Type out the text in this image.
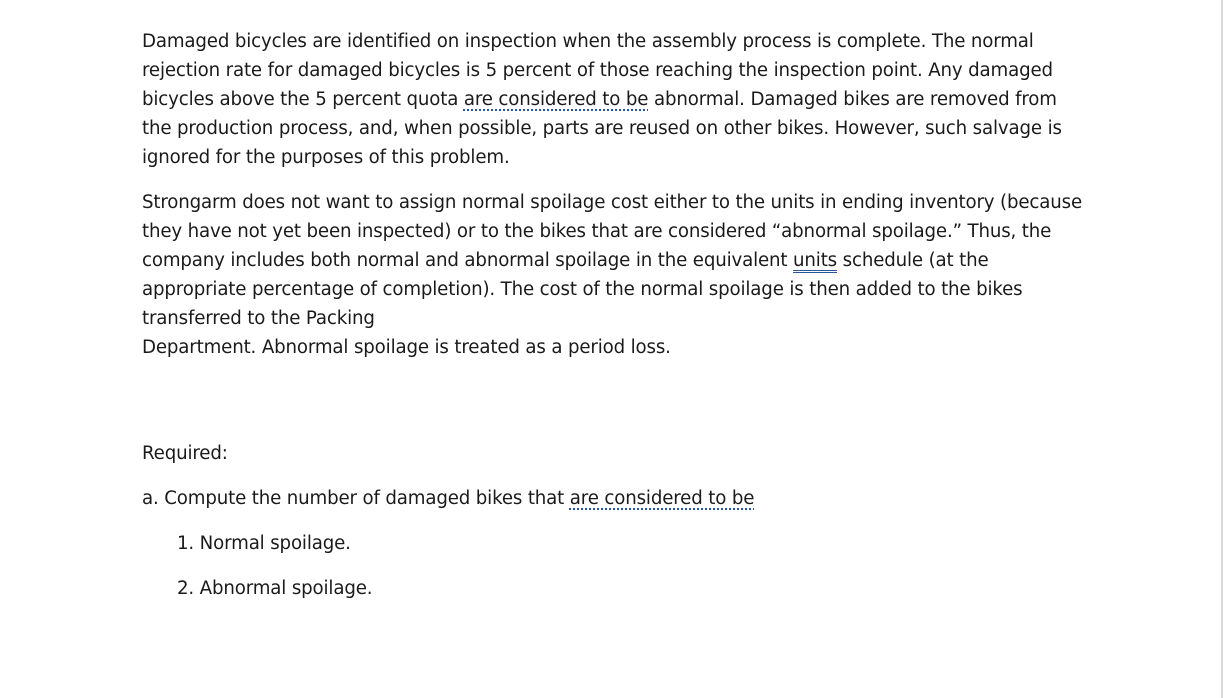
Damaged bicycles are identified on inspection when the assembly process is complete. The normal
rejection rate for damaged bicycles is 5 percent of those reaching the inspection point. Any damaged
bicycles above the 5 percent quota are considered to be abnormal. Damaged bikes are removed from
the production process, and, when possible, parts are reused on other bikes. However, such salvage is
ignored for the purposes of this problem.

Strongarm does not want to assign normal spoilage cost either to the units in ending inventory (because
they have not yet been inspected) or to the bikes that are considered “abnormal spoilage.” Thus, the
company includes both normal and abnormal spoilage in the equivalent units schedule (at the
appropriate percentage of completion). The cost of the normal spoilage is then added to the bikes
transferred to the Packing
Department. Abnormal spoilage is treated as a period loss.

Required:

a. Compute the number of damaged bikes that are considered to be

1. Normal spoilage.

2. Abnormal spoilage.
